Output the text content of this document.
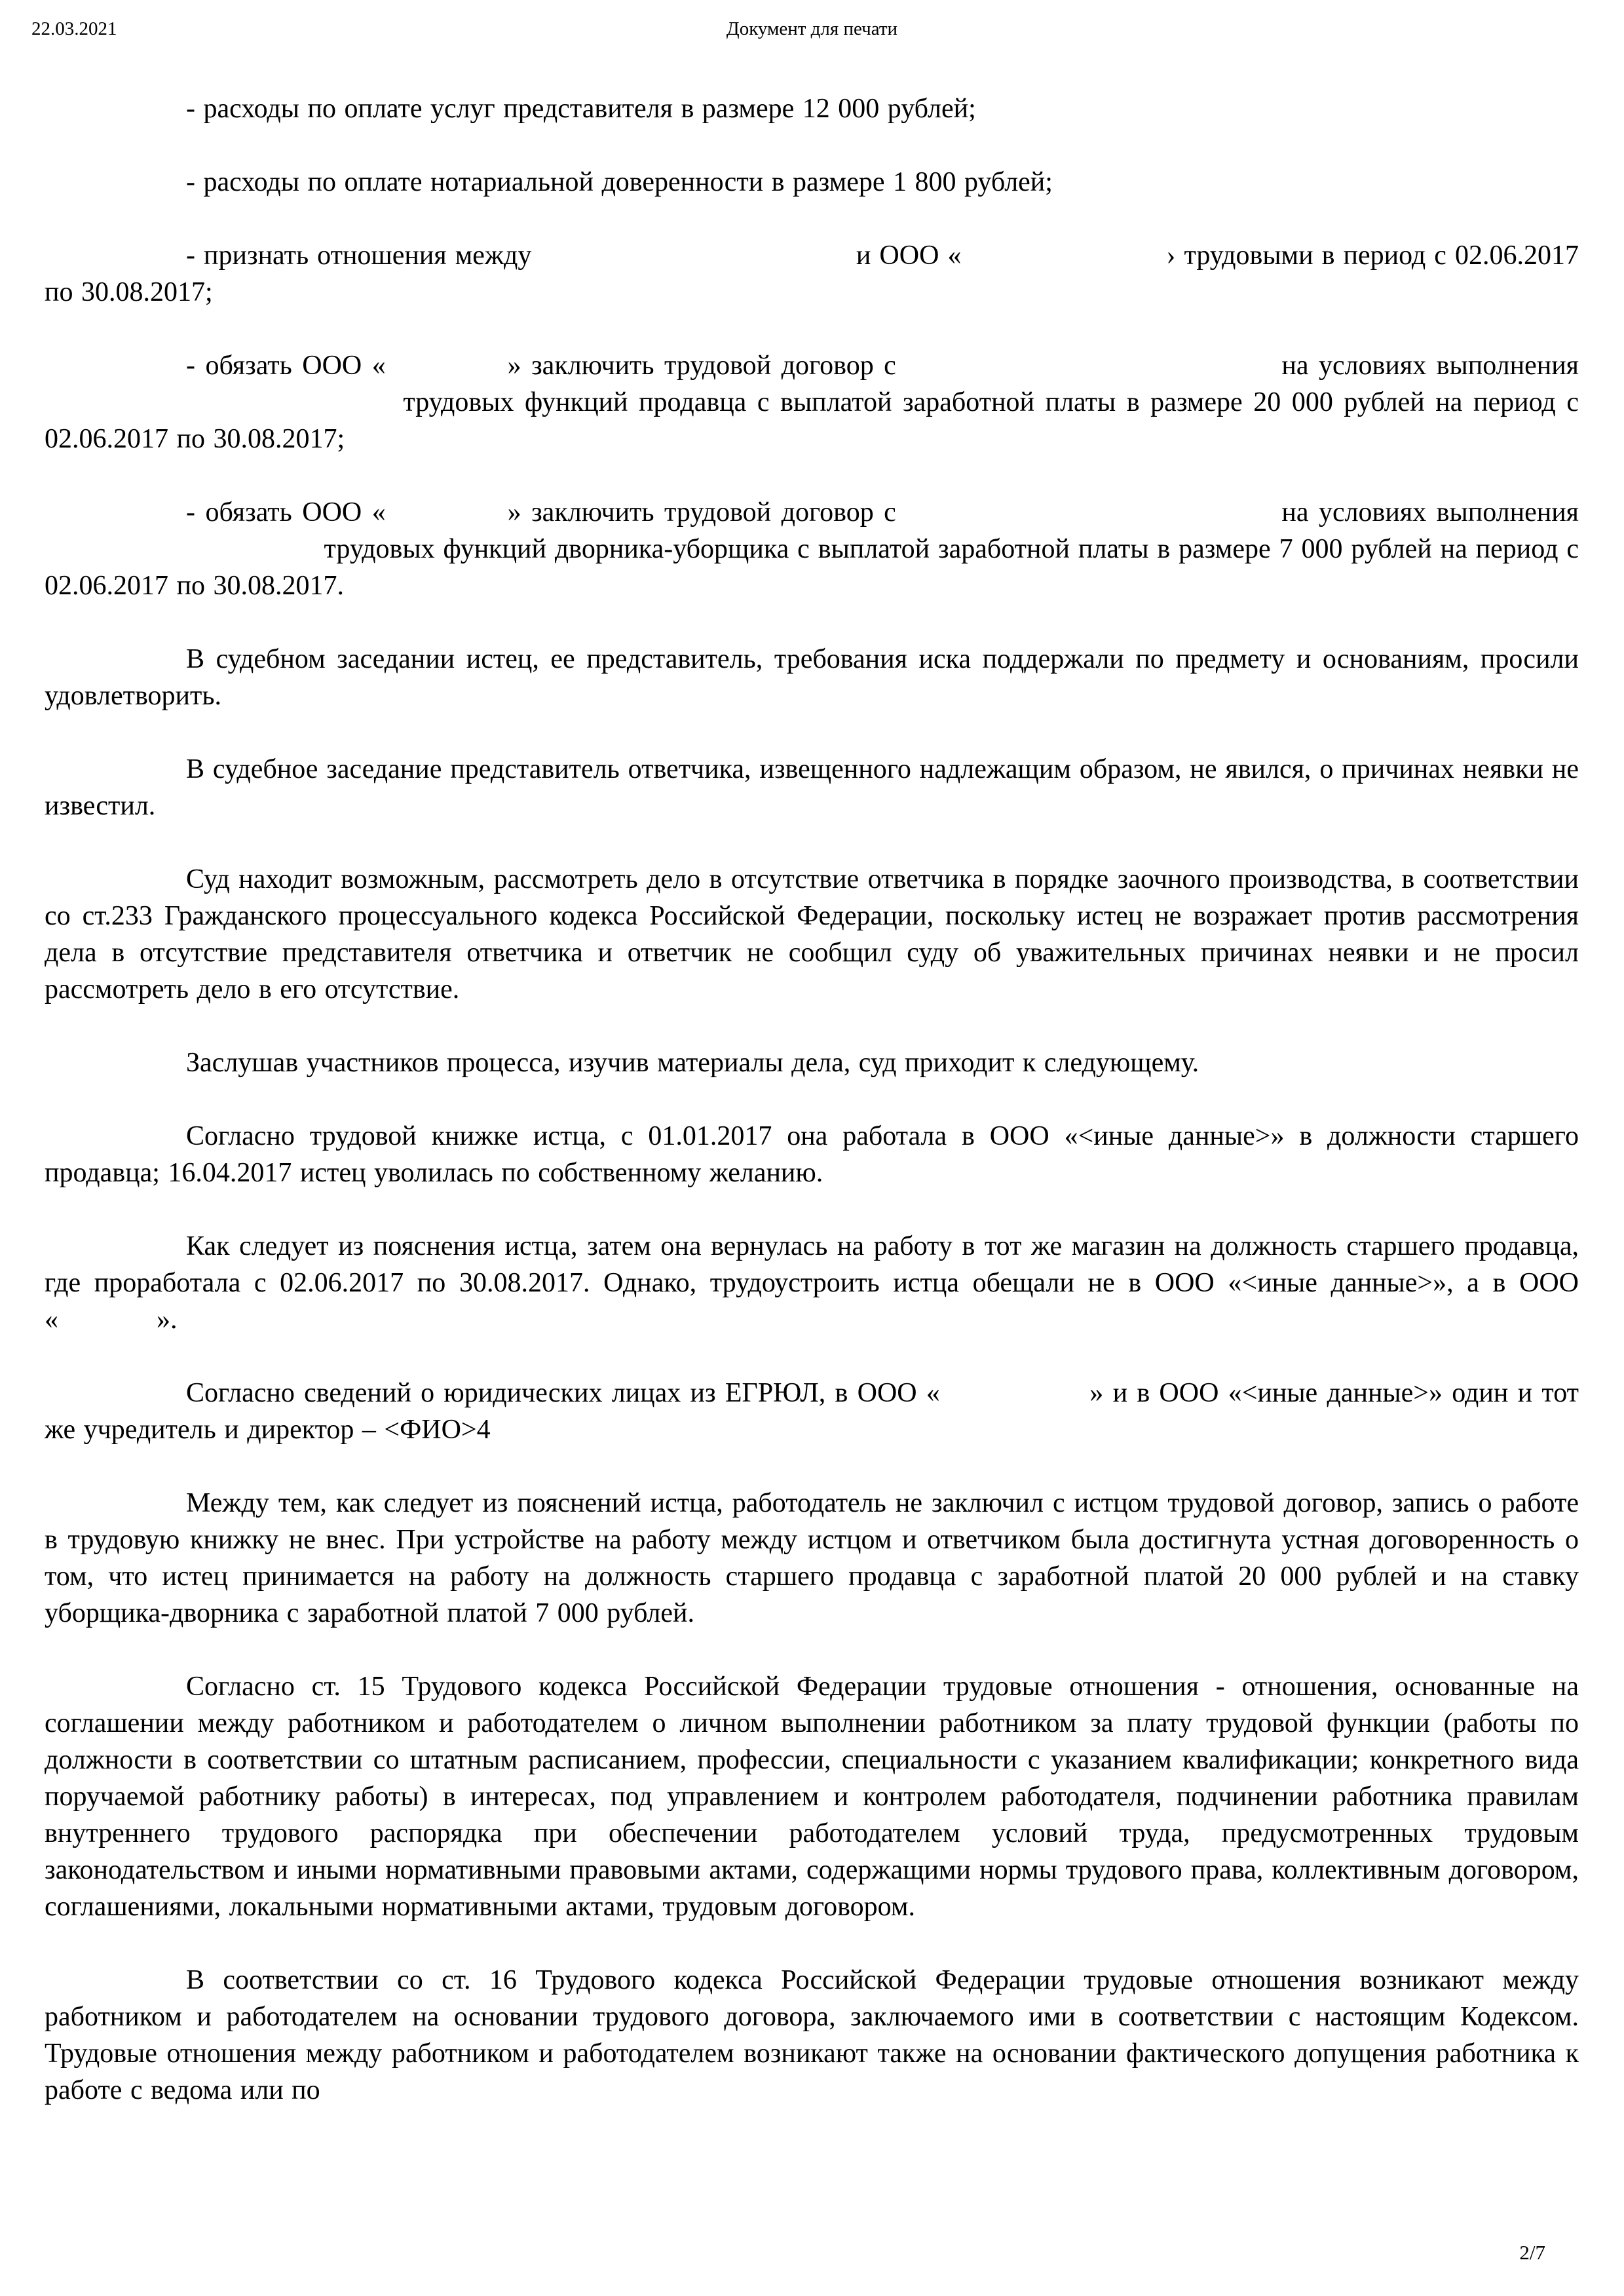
22.03.2021	Документ для печати

- расходы по оплате услуг представителя в размере 12 000 рублей;

- расходы по оплате нотариальной доверенности в размере 1 800 рублей;

- признать отношения между                                      и ООО «                        › трудовыми в период с 02.06.2017 по 30.08.2017;

- обязать ООО «            » заключить трудовой договор с                                      на условиях выполнения                                  трудовых функций продавца с выплатой заработной платы в размере 20 000 рублей на период с 02.06.2017 по 30.08.2017;

- обязать ООО «            » заключить трудовой договор с                                      на условиях выполнения                                  трудовых функций дворника-уборщика с выплатой заработной платы в размере 7 000 рублей на период с 02.06.2017 по 30.08.2017.

В судебном заседании истец, ее представитель, требования иска поддержали по предмету и основаниям, просили удовлетворить.

В судебное заседание представитель ответчика, извещенного надлежащим образом, не явился, о причинах неявки не известил.

Суд находит возможным, рассмотреть дело в отсутствие ответчика в порядке заочного производства, в соответствии со ст.233 Гражданского процессуального кодекса Российской Федерации, поскольку истец не возражает против рассмотрения дела в отсутствие представителя ответчика и ответчик не сообщил суду об уважительных причинах неявки и не просил рассмотреть дело в его отсутствие.

Заслушав участников процесса, изучив материалы дела, суд приходит к следующему.

Согласно трудовой книжке истца, с 01.01.2017 она работала в ООО «<иные данные>» в должности старшего продавца; 16.04.2017 истец уволилась по собственному желанию.

Как следует из пояснения истца, затем она вернулась на работу в тот же магазин на должность старшего продавца, где проработала с 02.06.2017 по 30.08.2017. Однако, трудоустроить истца обещали не в ООО «<иные данные>», а в ООО «            ».

Согласно сведений о юридических лицах из ЕГРЮЛ, в ООО «                » и в ООО «<иные данные>» один и тот же учредитель и директор – <ФИО>4

Между тем, как следует из пояснений истца, работодатель не заключил с истцом трудовой договор, запись о работе в трудовую книжку не внес. При устройстве на работу между истцом и ответчиком была достигнута устная договоренность о том, что истец принимается на работу на должность старшего продавца с заработной платой 20 000 рублей и на ставку уборщика-дворника с заработной платой 7 000 рублей.

Согласно ст. 15 Трудового кодекса Российской Федерации трудовые отношения - отношения, основанные на соглашении между работником и работодателем о личном выполнении работником за плату трудовой функции (работы по должности в соответствии со штатным расписанием, профессии, специальности с указанием квалификации; конкретного вида поручаемой работнику работы) в интересах, под управлением и контролем работодателя, подчинении работника правилам внутреннего трудового распорядка при обеспечении работодателем условий труда, предусмотренных трудовым законодательством и иными нормативными правовыми актами, содержащими нормы трудового права, коллективным договором, соглашениями, локальными нормативными актами, трудовым договором.

В соответствии со ст. 16 Трудового кодекса Российской Федерации трудовые отношения возникают между работником и работодателем на основании трудового договора, заключаемого ими в соответствии с настоящим Кодексом. Трудовые отношения между работником и работодателем возникают также на основании фактического допущения работника к работе с ведома или по

2/7
